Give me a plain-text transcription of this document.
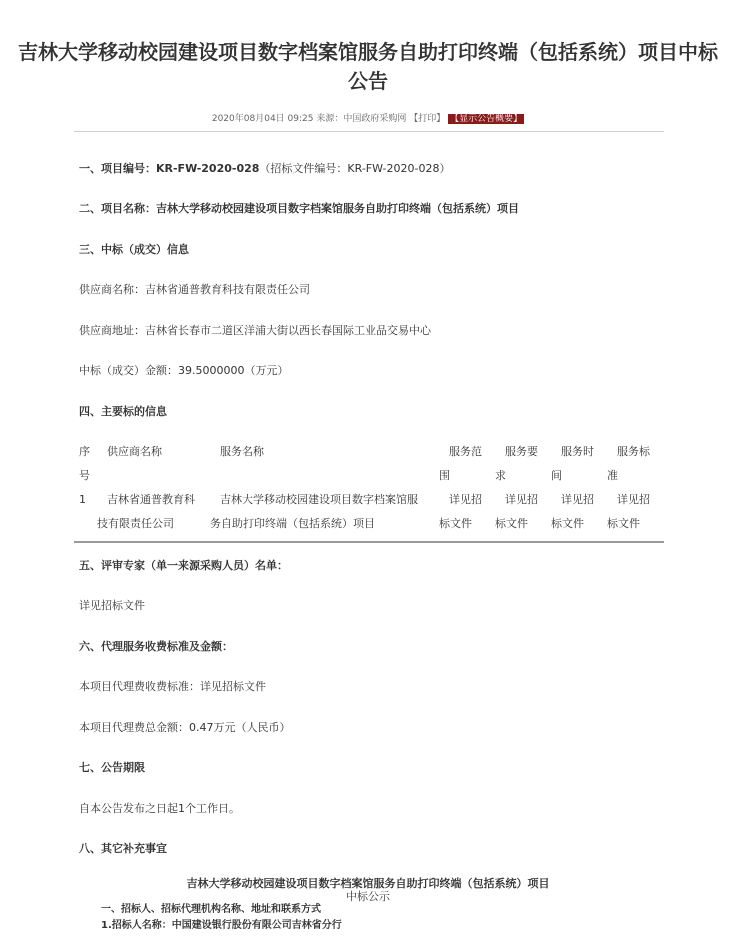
吉林大学移动校园建设项目数字档案馆服务自助打印终端（包括系统）项目中标公告
2020年08月04日 09:25 来源：中国政府采购网 【打印】 【显示公告概要】
一、项目编号：KR-FW-2020-028（招标文件编号：KR-FW-2020-028）
二、项目名称：吉林大学移动校园建设项目数字档案馆服务自助打印终端（包括系统）项目
三、中标（成交）信息
供应商名称：吉林省通普教育科技有限责任公司
供应商地址：吉林省长春市二道区洋浦大街以西长春国际工业品交易中心
中标（成交）金额：39.5000000（万元）
四、主要标的信息
序
号
供应商名称	服务名称	服务范
围
服务要
求
服务时
间
服务标
准
1 吉林省通普教育科
技有限责任公司
吉林大学移动校园建设项目数字档案馆服
务自助打印终端（包括系统）项目
详见招
标文件
详见招
标文件
详见招
标文件
详见招
标文件
五、评审专家（单一来源采购人员）名单：
详见招标文件
六、代理服务收费标准及金额：
本项目代理费收费标准：详见招标文件
本项目代理费总金额：0.47万元（人民币）
七、公告期限
自本公告发布之日起1个工作日。
八、其它补充事宜
吉林大学移动校园建设项目数字档案馆服务自助打印终端（包括系统）项目
中标公示
一、招标人、招标代理机构名称、地址和联系方式
1.招标人名称：中国建设银行股份有限公司吉林省分行
